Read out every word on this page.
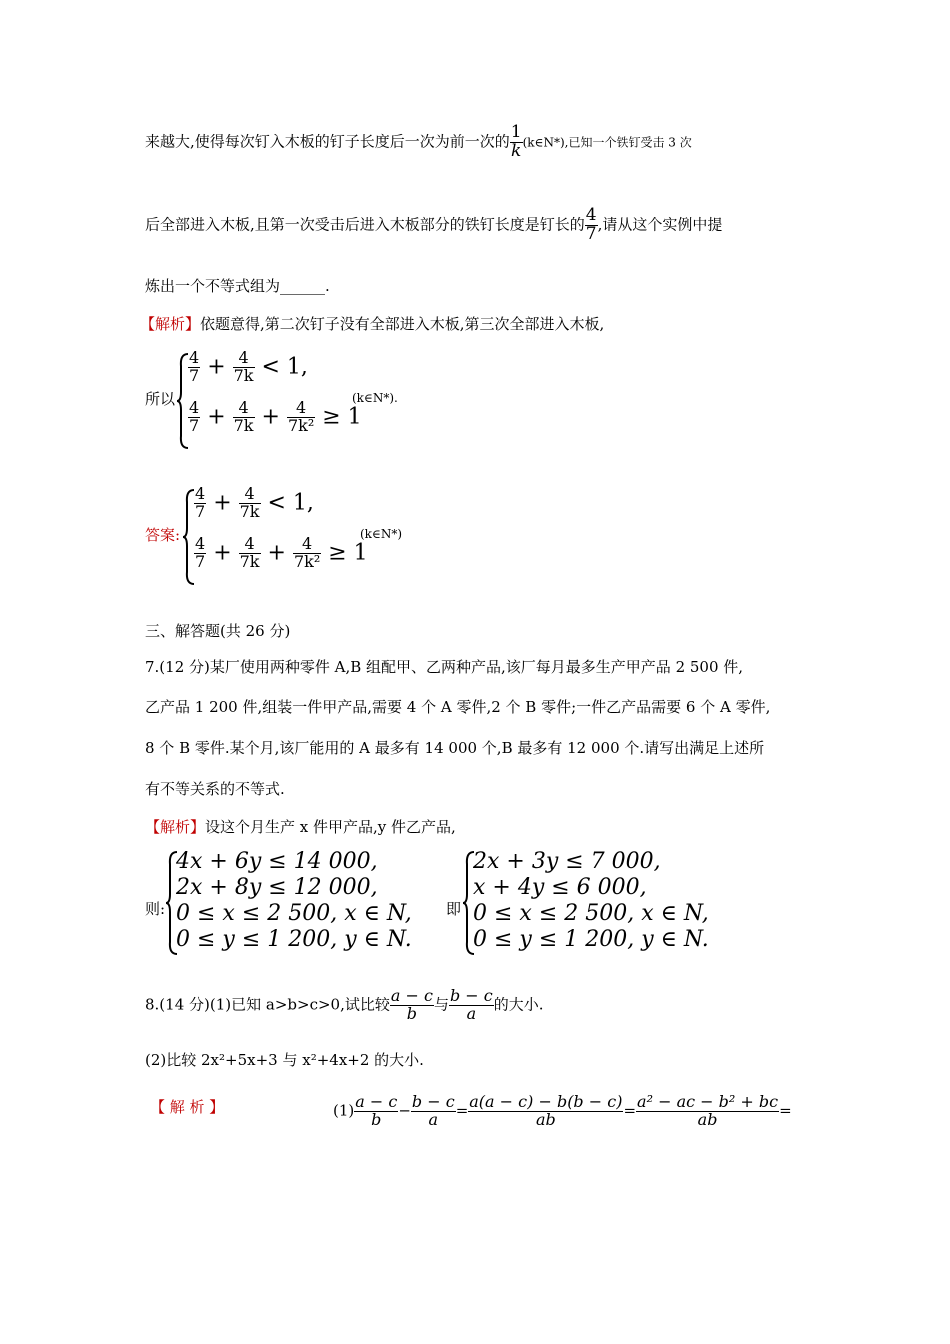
来越大,使得每次钉入木板的钉子长度后一次为前一次的 $\frac{1}{k}$ (k∈N*),已知一个铁钉受击 3 次
后全部进入木板,且第一次受击后进入木板部分的铁钉长度是钉长的 $\frac{4}{7}$ ,请从这个实例中提
炼出一个不等式组为______.
【解析】依题意得,第二次钉子没有全部进入木板,第三次全部进入木板,
所以
$\frac{4}{7} + \frac{4}{7k} < 1$,
$\frac{4}{7} + \frac{4}{7k} + \frac{4}{\text{7k²}} \ge 1$
(k∈N*).
答案:
$\frac{4}{7} + \frac{4}{7k} < 1$,
$\frac{4}{7} + \frac{4}{7k} + \frac{4}{\text{7k²}} \ge 1$
(k∈N*)
三、解答题(共 26 分)
7.(12 分)某厂使用两种零件 A,B 组配甲、乙两种产品,该厂每月最多生产甲产品 2 500 件,
乙产品 1 200 件,组装一件甲产品,需要 4 个 A 零件,2 个 B 零件;一件乙产品需要 6 个 A 零件,
8 个 B 零件.某个月,该厂能用的 A 最多有 14 000 个,B 最多有 12 000 个.请写出满足上述所
有不等关系的不等式.
【解析】设这个月生产 x 件甲产品,y 件乙产品,
则:
4x + 6y ≤ 14 000,
2x + 8y ≤ 12 000,
0 ≤ x ≤ 2 500, x ∈ N,
0 ≤ y ≤ 1 200, y ∈ N.
即
2x + 3y ≤ 7 000,
x + 4y ≤ 6 000,
0 ≤ x ≤ 2 500, x ∈ N,
0 ≤ y ≤ 1 200, y ∈ N.
8.(14 分)(1)已知 a>b>c>0,试比较 $\frac{a - c}{b}$ 与 $\frac{b - c}{a}$ 的大小.
(2)比较 2x²+5x+3 与 x²+4x+2 的大小.
【 解 析 】	$(1) \frac{a - c}{b} - \frac{b - c}{a} = \frac{a(a - c) - b(b - c)}{ab} = \frac{\text{a² − ac − b² + bc}}{ab}$ =
